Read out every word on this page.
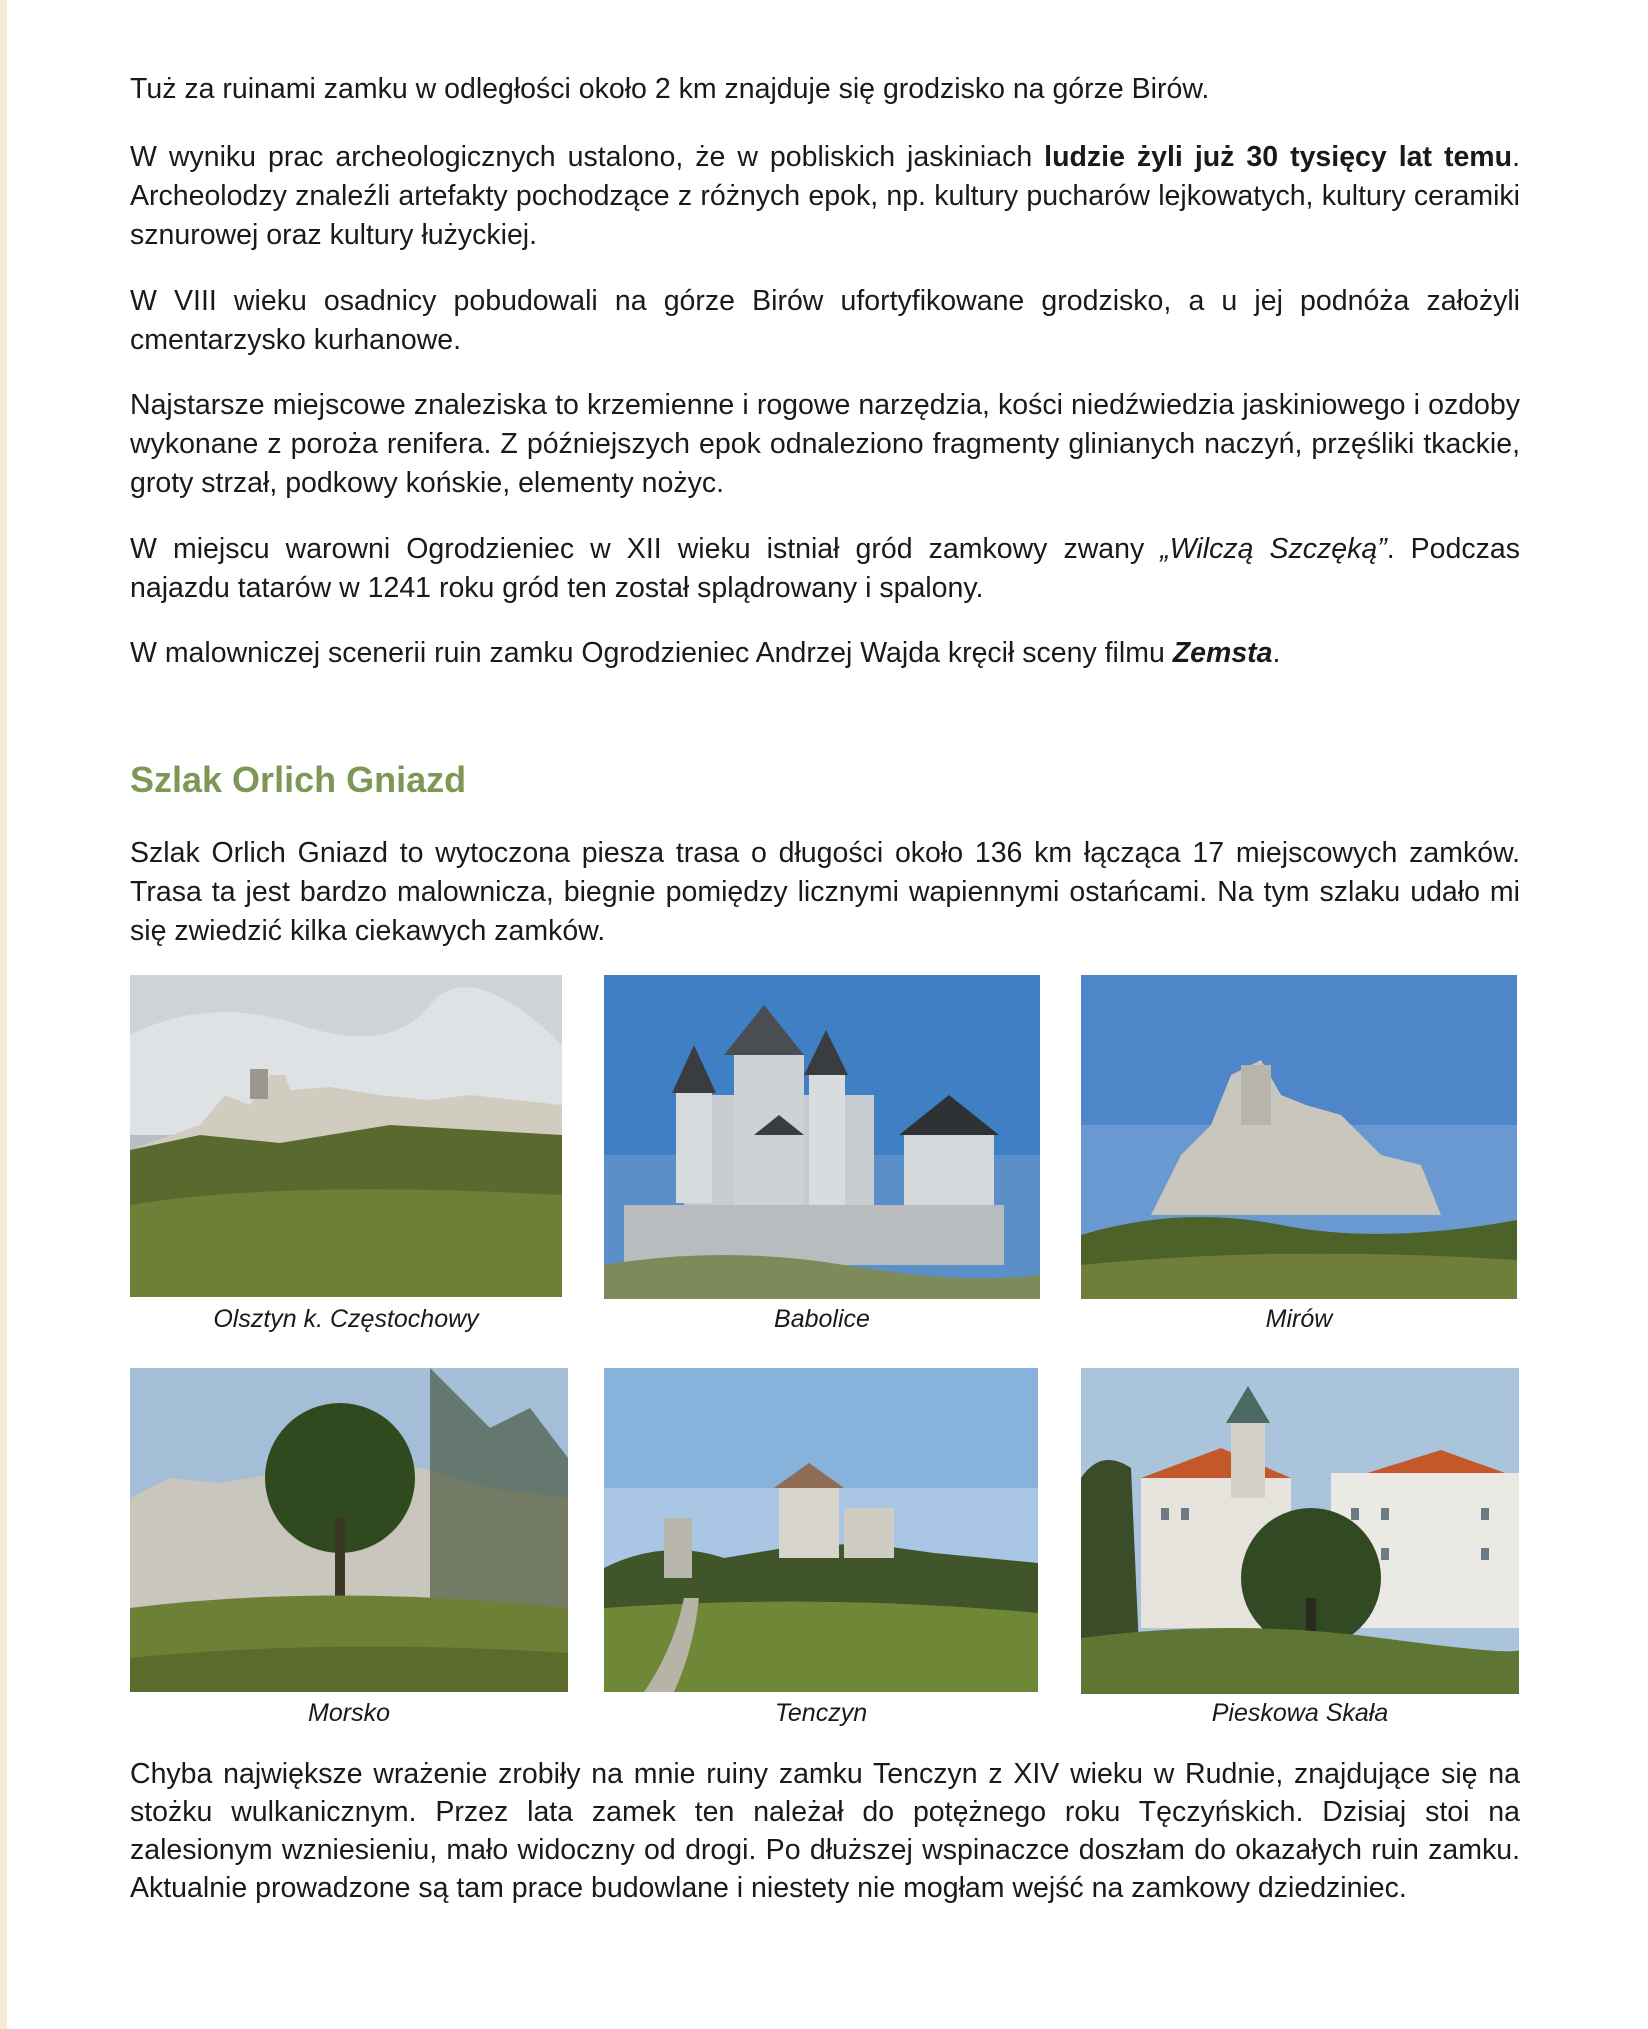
Tuż za ruinami zamku w odległości około 2 km znajduje się grodzisko na górze Birów.

W wyniku prac archeologicznych ustalono, że w pobliskich jaskiniach ludzie żyli już 30 tysięcy lat temu. Archeolodzy znaleźli artefakty pochodzące z różnych epok, np. kultury pucharów lejkowatych, kultury ceramiki sznurowej oraz kultury łużyckiej.

W VIII wieku osadnicy pobudowali na górze Birów ufortyfikowane grodzisko, a u jej podnóża założyli cmentarzysko kurhanowe.

Najstarsze miejscowe znaleziska to krzemienne i rogowe narzędzia, kości niedźwiedzia jaskiniowego i ozdoby wykonane z poroża renifera. Z późniejszych epok odnaleziono fragmenty glinianych naczyń, przęśliki tkackie, groty strzał, podkowy końskie, elementy nożyc.

W miejscu warowni Ogrodzieniec w XII wieku istniał gród zamkowy zwany „Wilczą Szczęką”. Podczas najazdu tatarów w 1241 roku gród ten został splądrowany i spalony.

W malowniczej scenerii ruin zamku Ogrodzieniec Andrzej Wajda kręcił sceny filmu Zemsta.

Szlak Orlich Gniazd

Szlak Orlich Gniazd to wytoczona piesza trasa o długości około 136 km łącząca 17 miejscowych zamków. Trasa ta jest bardzo malownicza, biegnie pomiędzy licznymi wapiennymi ostańcami. Na tym szlaku udało mi się zwiedzić kilka ciekawych zamków.

Olsztyn k. Częstochowy	Babolice	Mirów
Morsko	Tenczyn	Pieskowa Skała

Chyba największe wrażenie zrobiły na mnie ruiny zamku Tenczyn z XIV wieku w Rudnie, znajdujące się na stożku wulkanicznym. Przez lata zamek ten należał do potężnego roku Tęczyńskich. Dzisiaj stoi na zalesionym wzniesieniu, mało widoczny od drogi. Po dłuższej wspinaczce doszłam do okazałych ruin zamku. Aktualnie prowadzone są tam prace budowlane i niestety nie mogłam wejść na zamkowy dziedziniec.
